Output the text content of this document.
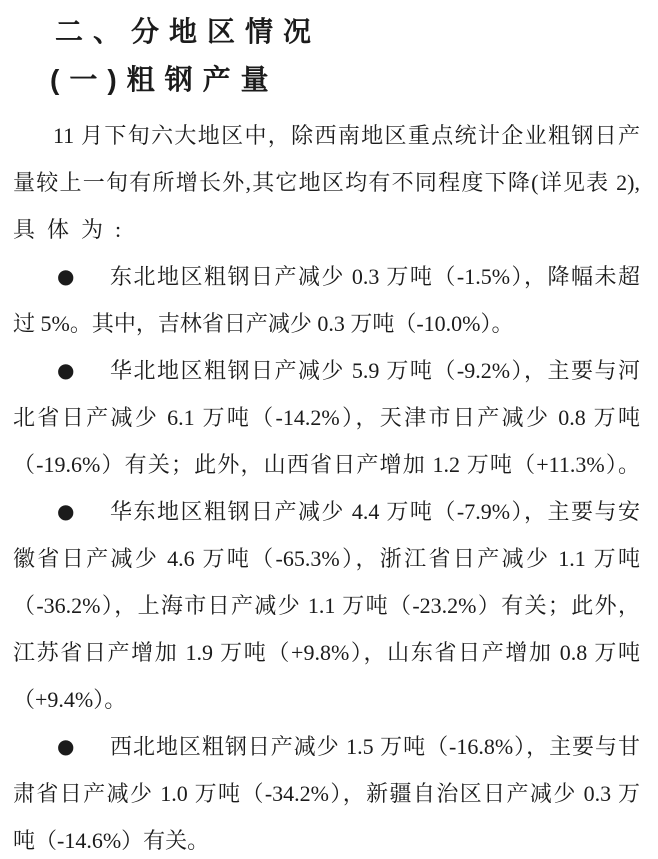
二、分地区情况
(一)粗钢产量
11 月下旬六大地区中，除西南地区重点统计企业粗钢日产
量较上一旬有所增长外,其它地区均有不同程度下降(详见表 2),
具体为:
● 东北地区粗钢日产减少 0.3 万吨（-1.5%），降幅未超
过 5%。其中，吉林省日产减少 0.3 万吨（-10.0%）。
● 华北地区粗钢日产减少 5.9 万吨（-9.2%），主要与河
北省日产减少 6.1 万吨（-14.2%），天津市日产减少 0.8 万吨
（-19.6%）有关；此外，山西省日产增加 1.2 万吨（+11.3%）。
● 华东地区粗钢日产减少 4.4 万吨（-7.9%），主要与安
徽省日产减少 4.6 万吨（-65.3%），浙江省日产减少 1.1 万吨
（-36.2%），上海市日产减少 1.1 万吨（-23.2%）有关；此外，
江苏省日产增加 1.9 万吨（+9.8%），山东省日产增加 0.8 万吨
（+9.4%）。
● 西北地区粗钢日产减少 1.5 万吨（-16.8%），主要与甘
肃省日产减少 1.0 万吨（-34.2%），新疆自治区日产减少 0.3 万
吨（-14.6%）有关。
